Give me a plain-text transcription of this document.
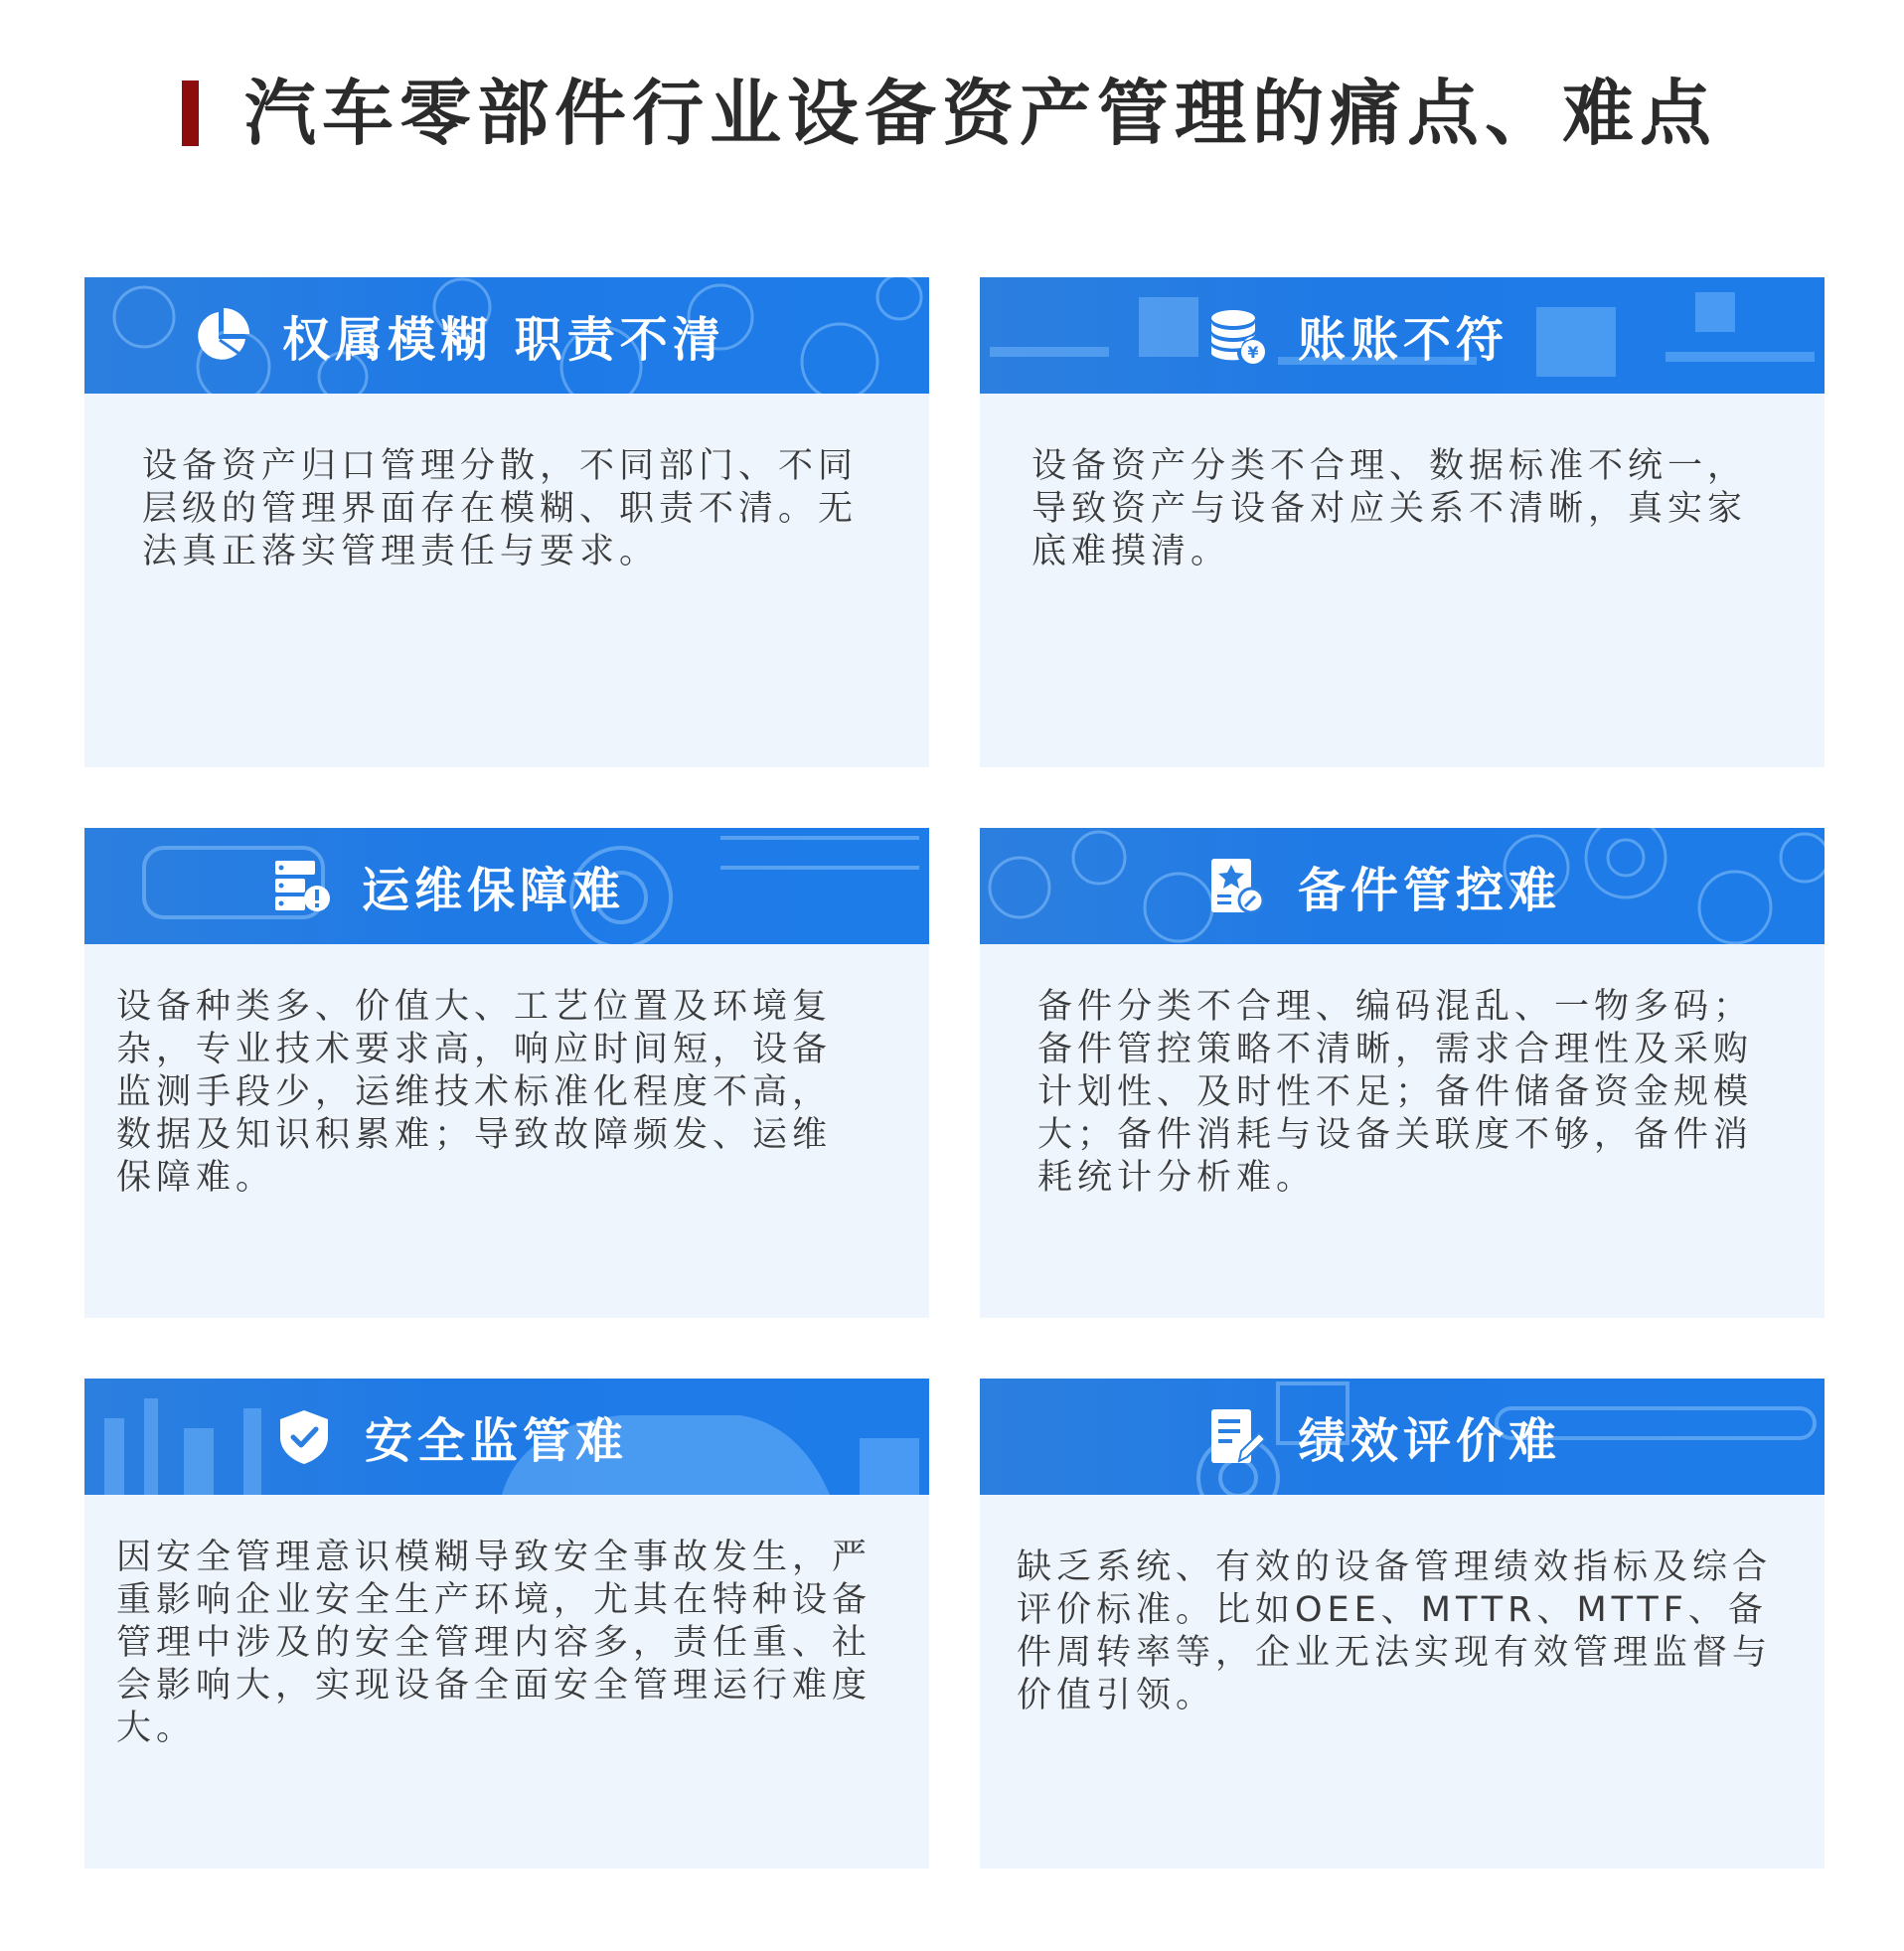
汽车零部件行业设备资产管理的痛点、难点
权属模糊 职责不清
设备资产归口管理分散，不同部门、不同
层级的管理界面存在模糊、职责不清。无
法真正落实管理责任与要求。
¥ 账账不符
设备资产分类不合理、数据标准不统一，
导致资产与设备对应关系不清晰，真实家
底难摸清。
运维保障难
设备种类多、价值大、工艺位置及环境复
杂，专业技术要求高，响应时间短，设备
监测手段少，运维技术标准化程度不高，
数据及知识积累难；导致故障频发、运维
保障难。
备件管控难
备件分类不合理、编码混乱、一物多码；
备件管控策略不清晰，需求合理性及采购
计划性、及时性不足；备件储备资金规模
大；备件消耗与设备关联度不够，备件消
耗统计分析难。
安全监管难
因安全管理意识模糊导致安全事故发生，严
重影响企业安全生产环境，尤其在特种设备
管理中涉及的安全管理内容多，责任重、社
会影响大，实现设备全面安全管理运行难度
大。
绩效评价难
缺乏系统、有效的设备管理绩效指标及综合
评价标准。比如OEE、MTTR、MTTF、备
件周转率等，企业无法实现有效管理监督与
价值引领。
